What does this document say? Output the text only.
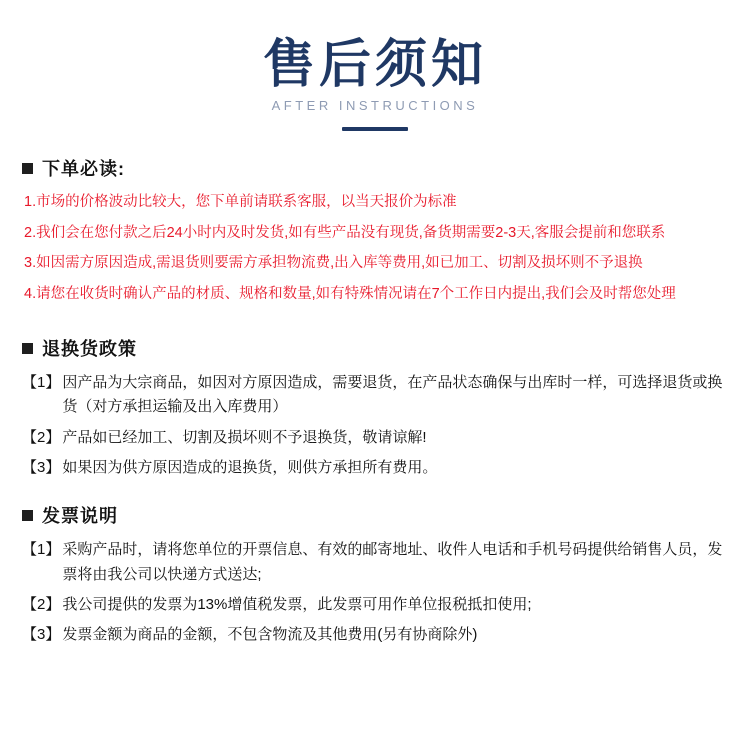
售后须知
AFTER INSTRUCTIONS
下单必读:
1.市场的价格波动比较大，您下单前请联系客服，以当天报价为标准
2.我们会在您付款之后24小时内及时发货,如有些产品没有现货,备货期需要2-3天,客服会提前和您联系
3.如因需方原因造成,需退货则要需方承担物流费,出入库等费用,如已加工、切割及损坏则不予退换
4.请您在收货时确认产品的材质、规格和数量,如有特殊情况请在7个工作日内提出,我们会及时帮您处理
退换货政策
【1】 因产品为大宗商品，如因对方原因造成，需要退货，在产品状态确保与出库时一样，可选择退货或换货（对方承担运输及出入库费用）
【2】 产品如已经加工、切割及损坏则不予退换货，敬请谅解!
【3】 如果因为供方原因造成的退换货，则供方承担所有费用。
发票说明
【1】 采购产品时，请将您单位的开票信息、有效的邮寄地址、收件人电话和手机号码提供给销售人员，发票将由我公司以快递方式送达;
【2】 我公司提供的发票为13%增值税发票，此发票可用作单位报税抵扣使用;
【3】 发票金额为商品的金额，不包含物流及其他费用(另有协商除外)
